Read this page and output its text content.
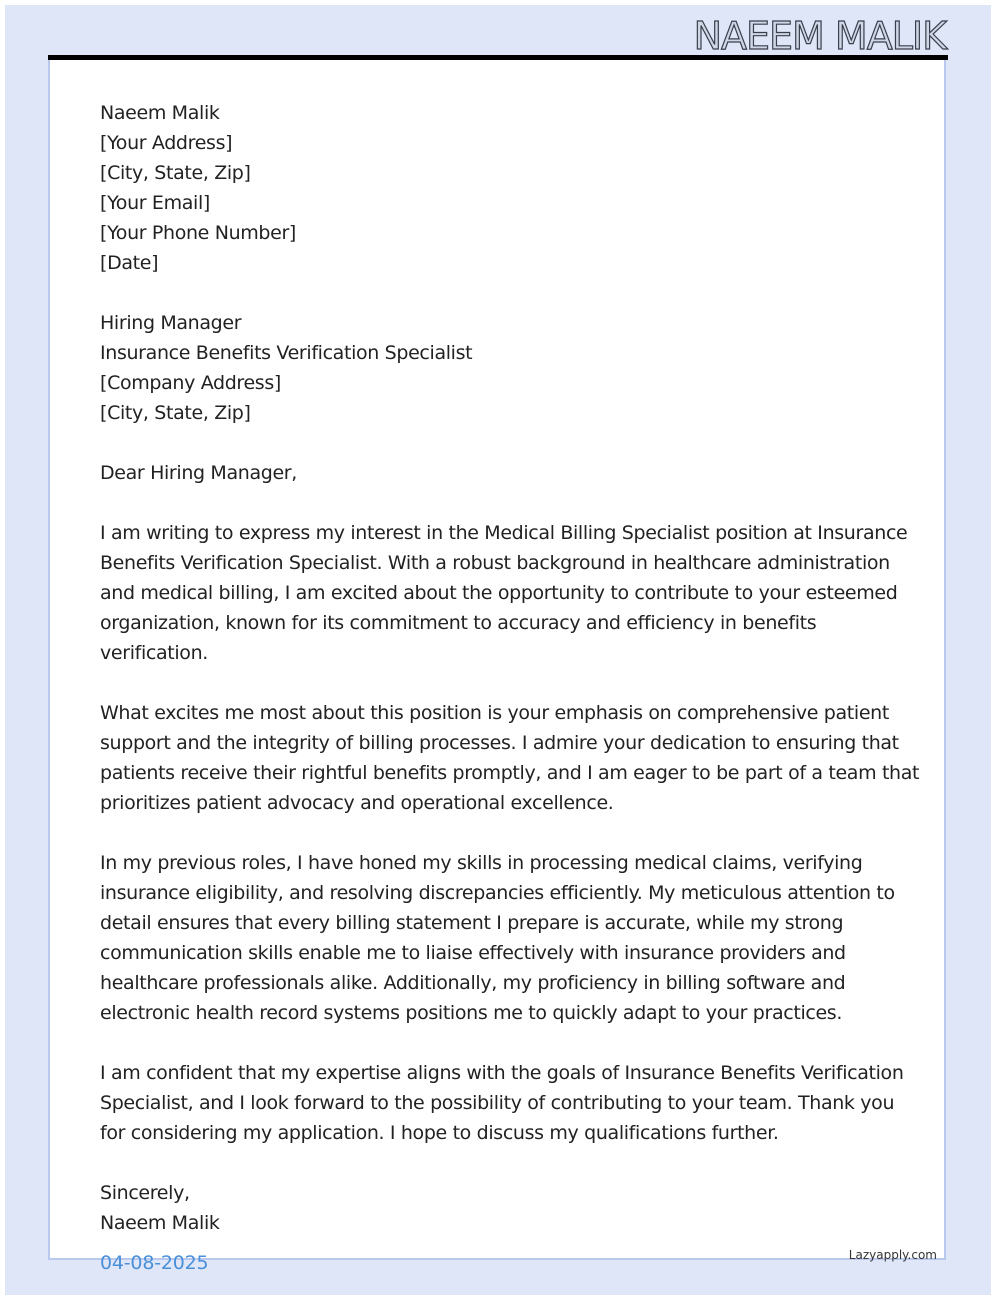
NAEEM MALIK
Naeem Malik
[Your Address]
[City, State, Zip]
[Your Email]
[Your Phone Number]
[Date]
Hiring Manager
Insurance Benefits Verification Specialist
[Company Address]
[City, State, Zip]
Dear Hiring Manager,
I am writing to express my interest in the Medical Billing Specialist position at Insurance
Benefits Verification Specialist. With a robust background in healthcare administration
and medical billing, I am excited about the opportunity to contribute to your esteemed
organization, known for its commitment to accuracy and efficiency in benefits
verification.
What excites me most about this position is your emphasis on comprehensive patient
support and the integrity of billing processes. I admire your dedication to ensuring that
patients receive their rightful benefits promptly, and I am eager to be part of a team that
prioritizes patient advocacy and operational excellence.
In my previous roles, I have honed my skills in processing medical claims, verifying
insurance eligibility, and resolving discrepancies efficiently. My meticulous attention to
detail ensures that every billing statement I prepare is accurate, while my strong
communication skills enable me to liaise effectively with insurance providers and
healthcare professionals alike. Additionally, my proficiency in billing software and
electronic health record systems positions me to quickly adapt to your practices.
I am confident that my expertise aligns with the goals of Insurance Benefits Verification
Specialist, and I look forward to the possibility of contributing to your team. Thank you
for considering my application. I hope to discuss my qualifications further.
Sincerely,
Naeem Malik
04-08-2025	Lazyapply.com
